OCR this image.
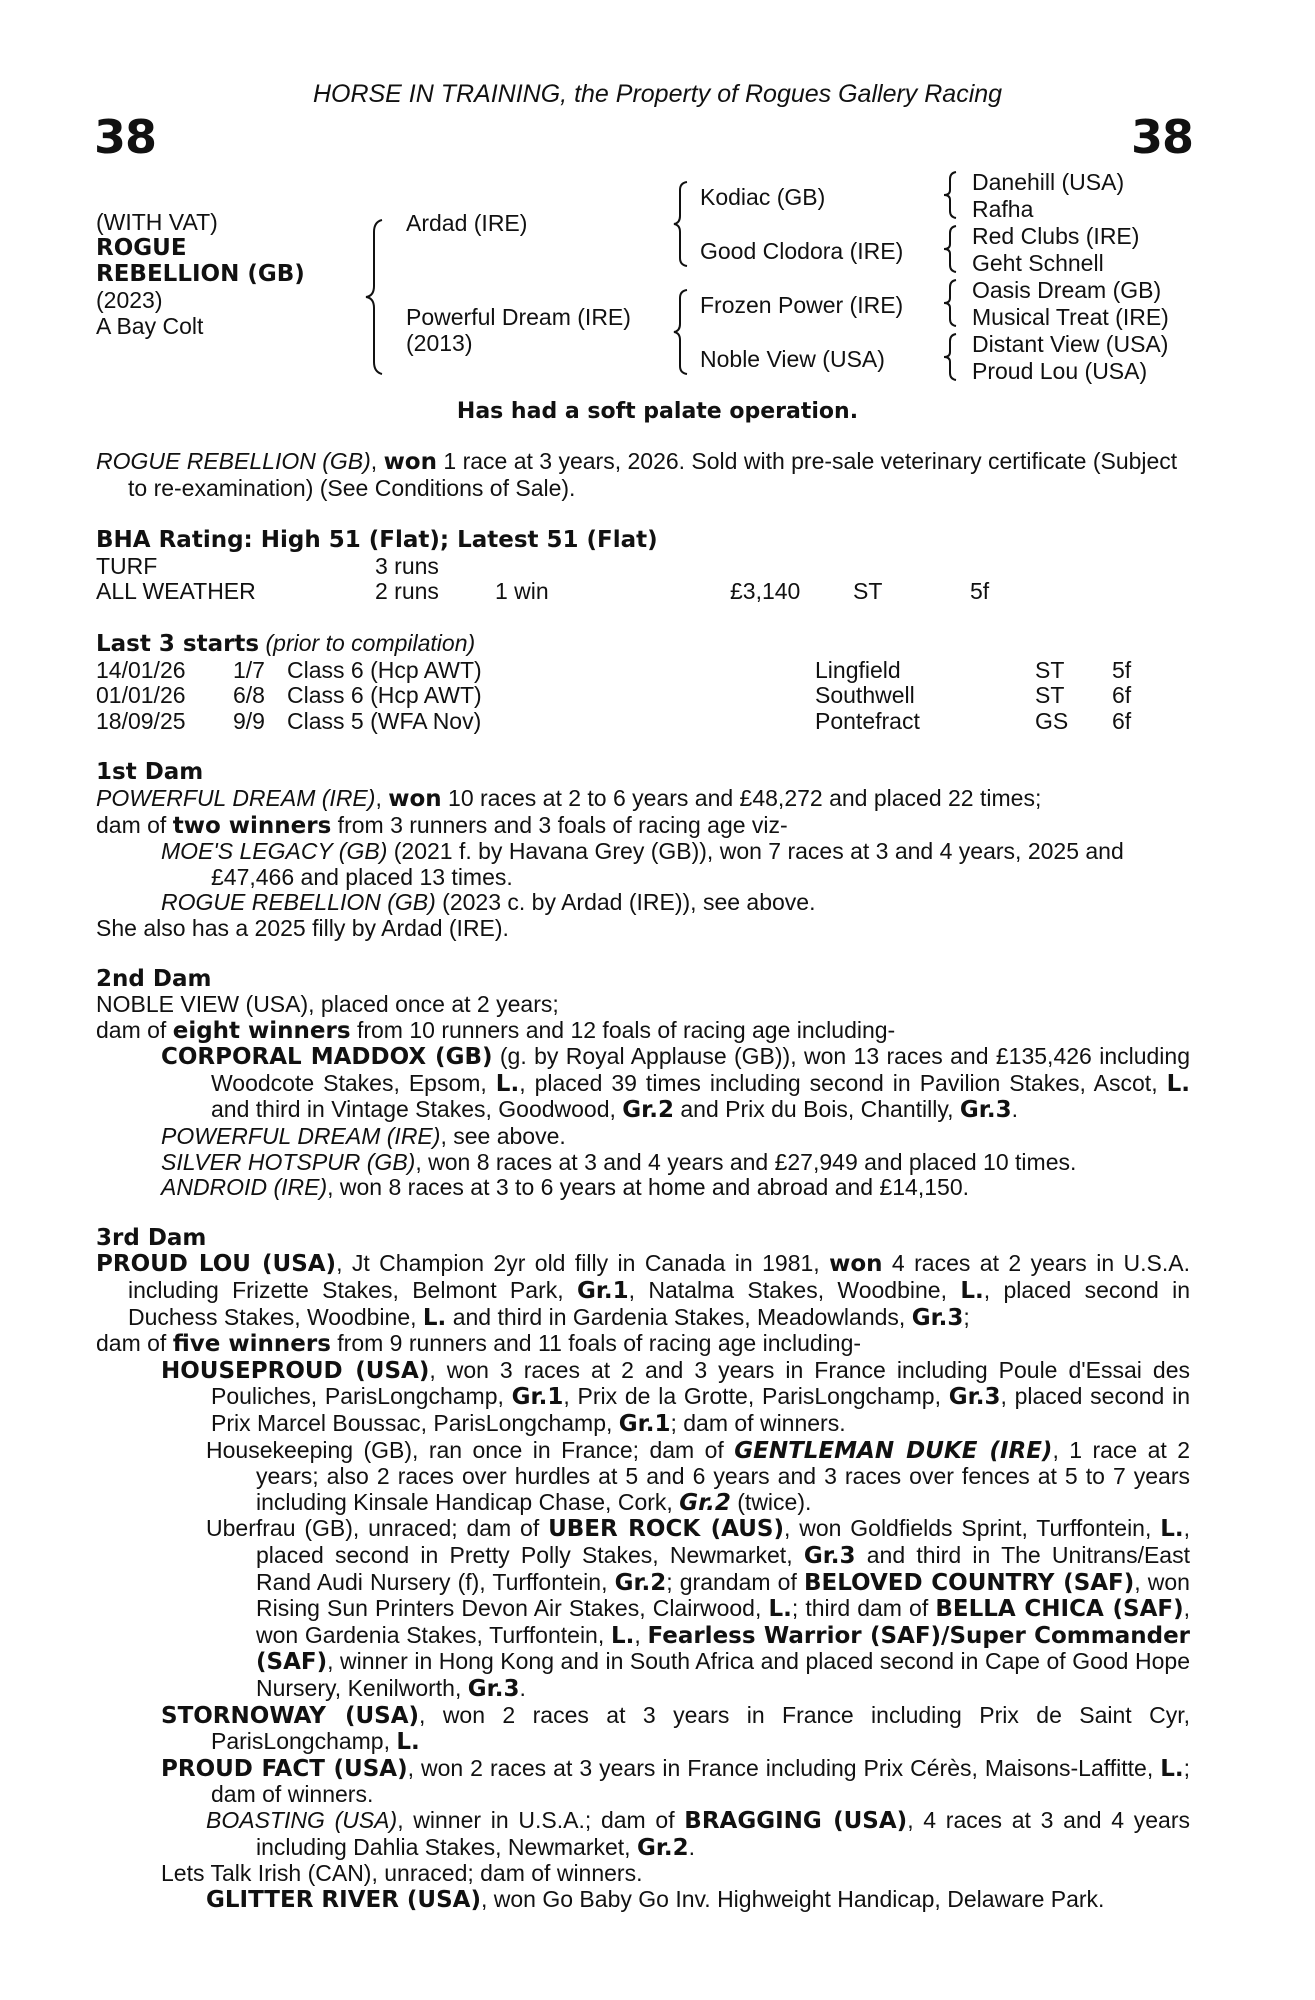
HORSE IN TRAINING, the Property of Rogues Gallery Racing
38	38
(WITH VAT)
ROGUE
REBELLION (GB)
(2023)
A Bay Colt
Ardad (IRE)
Powerful Dream (IRE)
(2013)
Kodiac (GB)
Good Clodora (IRE)
Frozen Power (IRE)
Noble View (USA)
Danehill (USA)
Rafha
Red Clubs (IRE)
Geht Schnell
Oasis Dream (GB)
Musical Treat (IRE)
Distant View (USA)
Proud Lou (USA)
Has had a soft palate operation.

ROGUE REBELLION (GB), won 1 race at 3 years, 2026. Sold with pre-sale veterinary certificate (Subject to re-examination) (See Conditions of Sale).

BHA Rating: High 51 (Flat); Latest 51 (Flat)

TURF	3 runs
ALL WEATHER	2 runs 1 win	£3,140 ST	5f

Last 3 starts (prior to compilation)

14/01/26 1/7 Class 6 (Hcp AWT)	Lingfield	ST 5f
01/01/26 6/8 Class 6 (Hcp AWT)	Southwell	ST 6f
18/09/25 9/9 Class 5 (WFA Nov)	Pontefract	GS 6f

1st Dam

POWERFUL DREAM (IRE), won 10 races at 2 to 6 years and £48,272 and placed 22 times;

dam of two winners from 3 runners and 3 foals of racing age viz-

MOE'S LEGACY (GB) (2021 f. by Havana Grey (GB)), won 7 races at 3 and 4 years, 2025 and £47,466 and placed 13 times.

ROGUE REBELLION (GB) (2023 c. by Ardad (IRE)), see above.

She also has a 2025 filly by Ardad (IRE).

2nd Dam

NOBLE VIEW (USA), placed once at 2 years;

dam of eight winners from 10 runners and 12 foals of racing age including-

CORPORAL MADDOX (GB) (g. by Royal Applause (GB)), won 13 races and £135,426 including Woodcote Stakes, Epsom, L., placed 39 times including second in Pavilion Stakes, Ascot, L. and third in Vintage Stakes, Goodwood, Gr.2 and Prix du Bois, Chantilly, Gr.3.

POWERFUL DREAM (IRE), see above.

SILVER HOTSPUR (GB), won 8 races at 3 and 4 years and £27,949 and placed 10 times.

ANDROID (IRE), won 8 races at 3 to 6 years at home and abroad and £14,150.

3rd Dam

PROUD LOU (USA), Jt Champion 2yr old filly in Canada in 1981, won 4 races at 2 years in U.S.A. including Frizette Stakes, Belmont Park, Gr.1, Natalma Stakes, Woodbine, L., placed second in Duchess Stakes, Woodbine, L. and third in Gardenia Stakes, Meadowlands, Gr.3;

dam of five winners from 9 runners and 11 foals of racing age including-

HOUSEPROUD (USA), won 3 races at 2 and 3 years in France including Poule d'Essai des Pouliches, ParisLongchamp, Gr.1, Prix de la Grotte, ParisLongchamp, Gr.3, placed second in Prix Marcel Boussac, ParisLongchamp, Gr.1; dam of winners.

Housekeeping (GB), ran once in France; dam of GENTLEMAN DUKE (IRE), 1 race at 2 years; also 2 races over hurdles at 5 and 6 years and 3 races over fences at 5 to 7 years including Kinsale Handicap Chase, Cork, Gr.2 (twice).

Uberfrau (GB), unraced; dam of UBER ROCK (AUS), won Goldfields Sprint, Turffontein, L., placed second in Pretty Polly Stakes, Newmarket, Gr.3 and third in The Unitrans/East Rand Audi Nursery (f), Turffontein, Gr.2; grandam of BELOVED COUNTRY (SAF), won Rising Sun Printers Devon Air Stakes, Clairwood, L.; third dam of BELLA CHICA (SAF), won Gardenia Stakes, Turffontein, L., Fearless Warrior (SAF)/Super Commander (SAF), winner in Hong Kong and in South Africa and placed second in Cape of Good Hope Nursery, Kenilworth, Gr.3.

STORNOWAY (USA), won 2 races at 3 years in France including Prix de Saint Cyr, ParisLongchamp, L.

PROUD FACT (USA), won 2 races at 3 years in France including Prix Cérès, Maisons-Laffitte, L.; dam of winners.

BOASTING (USA), winner in U.S.A.; dam of BRAGGING (USA), 4 races at 3 and 4 years including Dahlia Stakes, Newmarket, Gr.2.

Lets Talk Irish (CAN), unraced; dam of winners.

GLITTER RIVER (USA), won Go Baby Go Inv. Highweight Handicap, Delaware Park.
